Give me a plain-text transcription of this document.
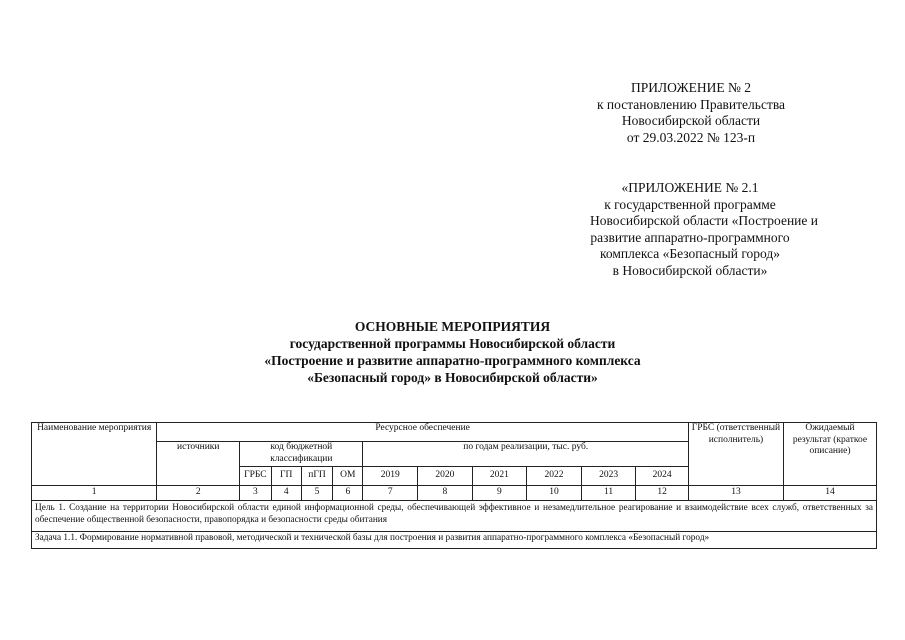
ПРИЛОЖЕНИЕ № 2
к постановлению Правительства
Новосибирской области
от 29.03.2022 № 123-п
«ПРИЛОЖЕНИЕ № 2.1
к государственной программе
Новосибирской области «Построение и
развитие аппаратно-программного
комплекса «Безопасный город»
в Новосибирской области»
ОСНОВНЫЕ МЕРОПРИЯТИЯ
государственной программы Новосибирской области
«Построение и развитие аппаратно-программного комплекса
«Безопасный город» в Новосибирской области»
Наименование мероприятия	Ресурсное обеспечение											ГРБС (ответственный исполнитель)	Ожидаемый результат (краткое описание)
	источники	код бюджетной классификации				по годам реализации, тыс. руб.							
		ГРБС	ГП	пГП	ОМ	2019	2020	2021	2022	2023	2024		
1	2	3	4	5	6	7	8	9	10	11	12	13	14
Цель 1. Создание на территории Новосибирской области единой информационной среды, обеспечивающей эффективное и незамедлительное реагирование и взаимодействие всех служб, ответственных за обеспечение общественной безопасности, правопорядка и безопасности среды обитания													
Задача 1.1. Формирование нормативной правовой, методической и технической базы для построения и развития аппаратно-программного комплекса «Безопасный город»													
